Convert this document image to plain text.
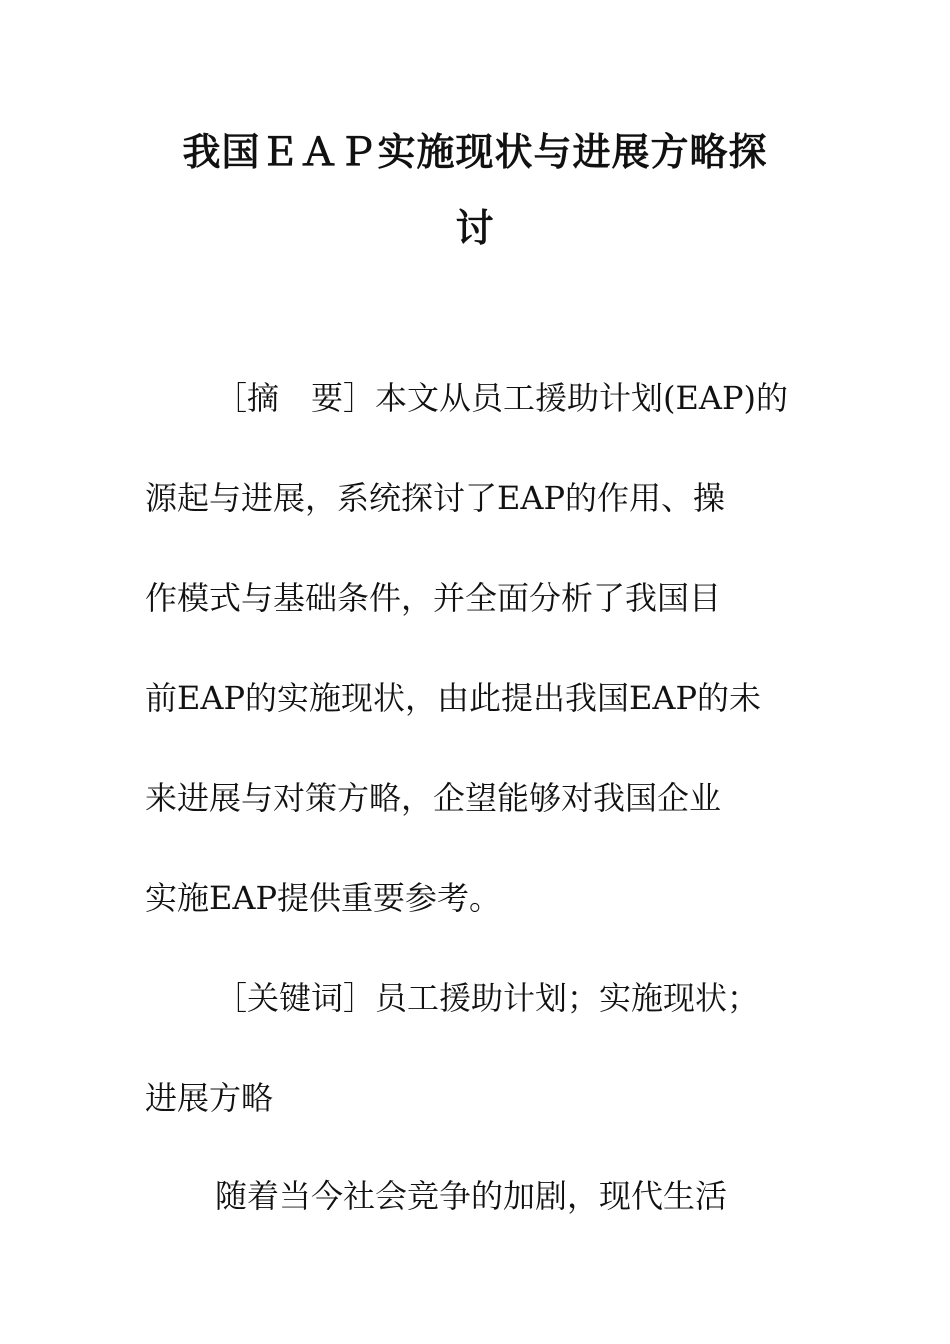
我国ＥＡＰ实施现状与进展方略探
讨
［摘　要］本文从员工援助计划(EAP)的
源起与进展，系统探讨了EAP的作用、操
作模式与基础条件，并全面分析了我国目
前EAP的实施现状，由此提出我国EAP的未
来进展与对策方略，企望能够对我国企业
实施EAP提供重要参考。
［关键词］员工援助计划；实施现状；
进展方略
随着当今社会竞争的加剧，现代生活
